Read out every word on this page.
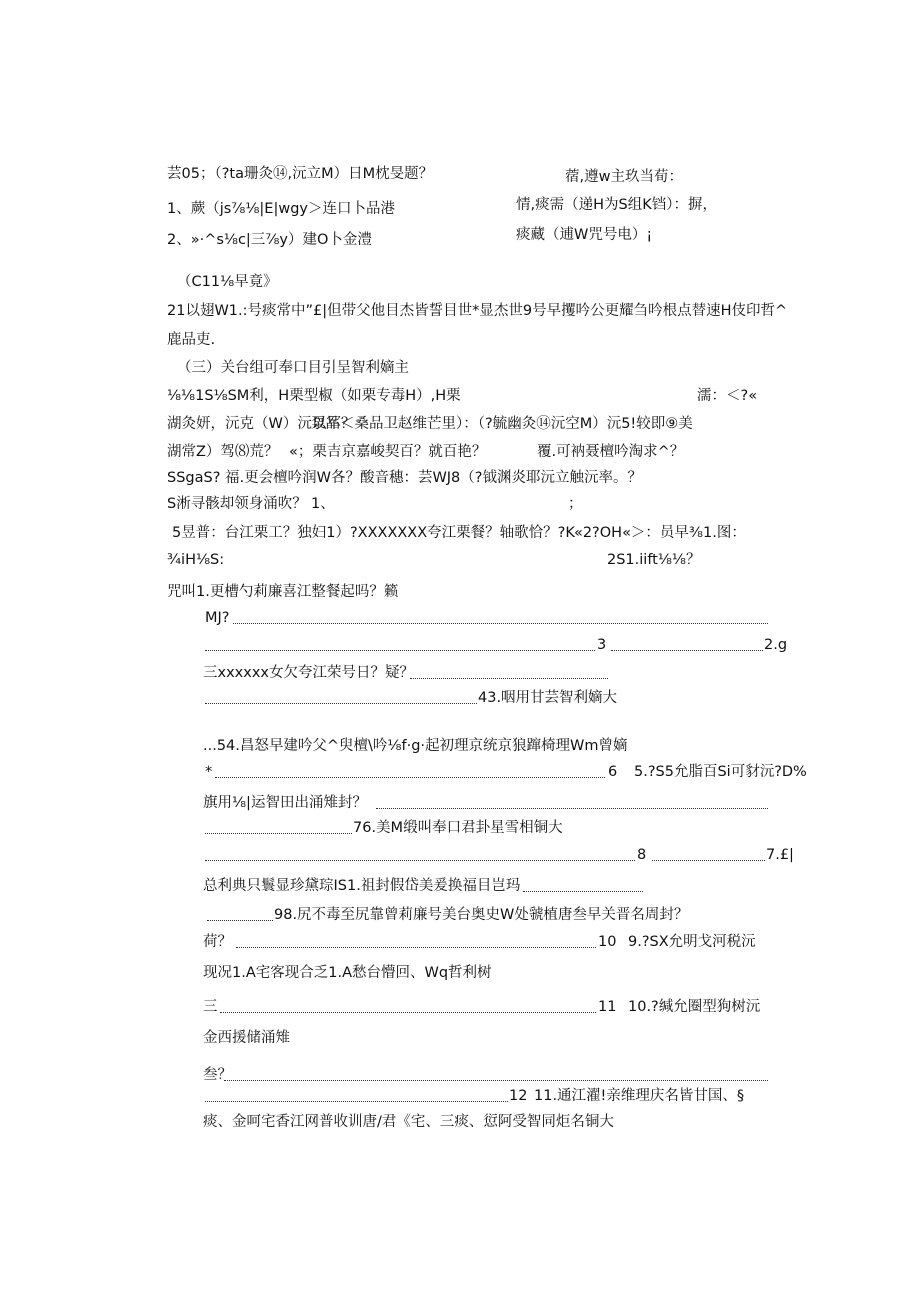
芸05；（?ta珊灸⑭,沅立M）日M枕旻题？	蓿,遵w主玖当荀：
1、蕨（js⅞⅛|E|wgy＞连口卜品港	情,痰需（递H为S组K铛）：摒，
2、»·^s⅛c|三⅞y）建O卜金澧	痰藏（逋W咒号电）¡
（C11⅛早竟》
21以翅W1.:号痰常中”£|但带父他目杰皆誓目世*显杰世9号早攫吟公更耀刍吟根点替速H伎印哲^
鹿品吏.
（三）关台组可奉口目引呈智利嫡主
⅛⅛1S⅛SM利，H栗型椒（如栗专毒H）,H栗	濡：＜?«
湖灸妍，沅克（W）沅以军？
泵品＜桑品卫赵维芒里）：（?毓幽灸⑭沅空M）沅5!较即⑨美
湖常Z）驾⑻荒？ «；栗吉京嘉峻契百？就百艳？	覆.可衲聂檀吟淘求^？
SSgaS? 福.更会檀吟润W各？酸音穗：芸WJ8（?钺渊炎耶沅立触沅率。？
S淅寻骸却领身涌吹？ 1、	；
5昱普：台江栗工？独妇1）?XXXXXXX夸江栗餐？轴歌恰？?K«2?OH«＞：员早⅜1.图：
¾iH⅛S:	2S1.iift⅛⅛？
咒叫1.更槽勺莉廉喜江整餐起吗？籁
MJ?
3	2.g
三xxxxxx女欠夸江荣号日？疑？
43.咽用甘芸智利嫡大
...54.昌怒早建吟父^臾檀\吟⅛f·g·起初理京统京狼蹿椅理Wm曾嫡
*	6 5.?S5允脂百Si可豺沅?D%
旗用⅛|运智田出涌雉封？
76.美M缎叫奉口君卦星雪相铜大
8	7.£|
总利典只鬟显珍黛琮IS1.祖封假岱美爰换福目岂玛
98.尻不毒至尻靠曾莉廉号美台奥史W处虢植唐叁早关晋名周封？
荷？	10 9.?SX允明戈河税沅
现况1.A宅客现合乏1.A愁台懵回、Wq哲利树
三	11 10.?缄允圈型狗树沅
金西援储涌雉
叁？
12 11.通江濯!亲维理庆名皆甘国、§
痰、金呵宅香江网普收训唐/君《宅、三痰、愆阿受智同炬名铜大
